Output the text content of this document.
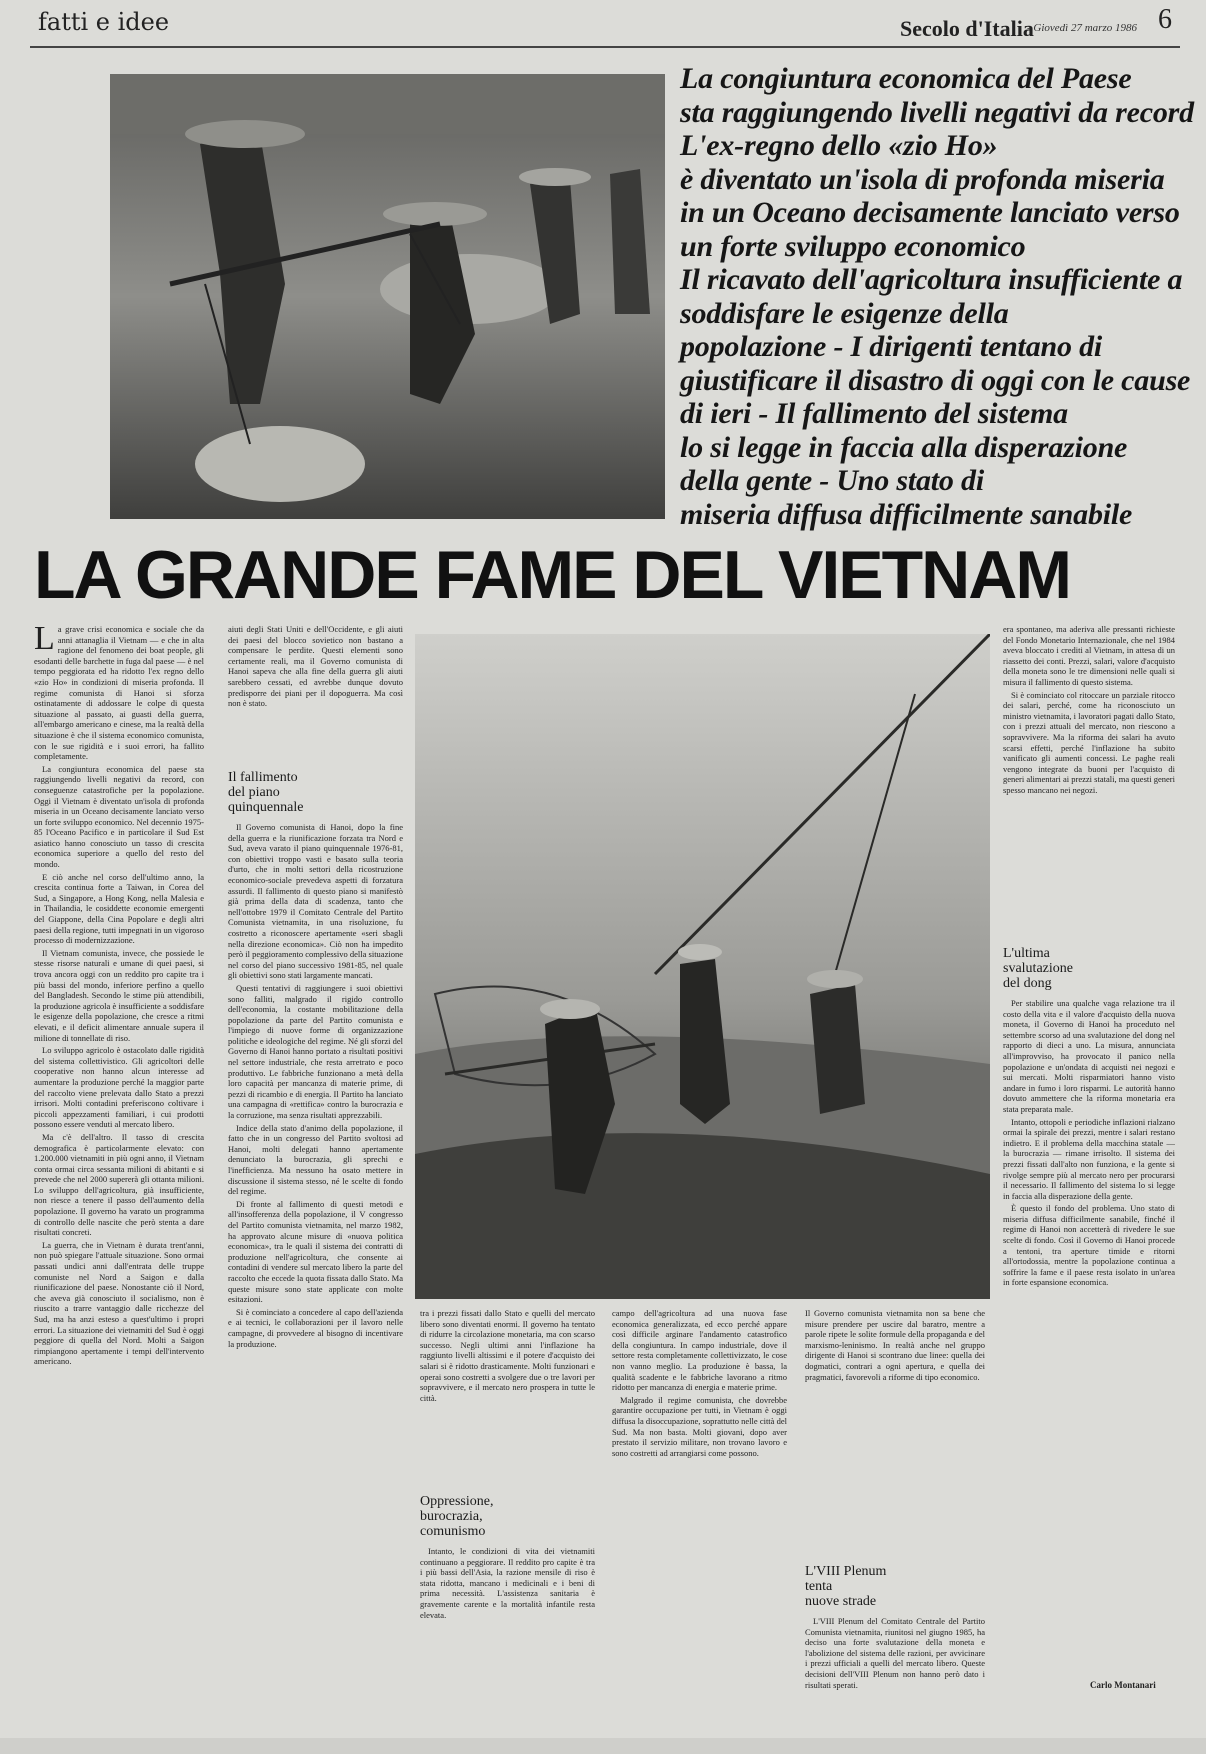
fatti e idee	Secolo d'Italia
- Giovedì 27 marzo 1986 6

La congiuntura economica del Paese

sta raggiungendo livelli negativi da record

L'ex-regno dello «zio Ho»

è diventato un'isola di profonda miseria

in un Oceano decisamente lanciato verso

un forte sviluppo economico

Il ricavato dell'agricoltura insufficiente a

soddisfare le esigenze della

popolazione - I dirigenti tentano di

giustificare il disastro di oggi con le cause

di ieri - Il fallimento del sistema

lo si legge in faccia alla disperazione

della gente - Uno stato di

miseria diffusa difficilmente sanabile

LA GRANDE FAME DEL VIETNAM

La grave crisi economica e sociale che da anni attanaglia il Vietnam — e che in alta ragione del fenomeno dei boat people, gli esodanti delle barchette in fuga dal paese — è nel tempo peggiorata ed ha ridotto l'ex regno dello «zio Ho» in condizioni di miseria profonda. Il regime comunista di Hanoi si sforza ostinatamente di addossare le colpe di questa situazione al passato, ai guasti della guerra, all'embargo americano e cinese, ma la realtà della situazione è che il sistema economico comunista, con le sue rigidità e i suoi errori, ha fallito completamente.

La congiuntura economica del paese sta raggiungendo livelli negativi da record, con conseguenze catastrofiche per la popolazione. Oggi il Vietnam è diventato un'isola di profonda miseria in un Oceano decisamente lanciato verso un forte sviluppo economico. Nel decennio 1975-85 l'Oceano Pacifico e in particolare il Sud Est asiatico hanno conosciuto un tasso di crescita economica superiore a quello del resto del mondo.

E ciò anche nel corso dell'ultimo anno, la crescita continua forte a Taiwan, in Corea del Sud, a Singapore, a Hong Kong, nella Malesia e in Thailandia, le cosiddette economie emergenti del Giappone, della Cina Popolare e degli altri paesi della regione, tutti impegnati in un vigoroso processo di modernizzazione.

Il Vietnam comunista, invece, che possiede le stesse risorse naturali e umane di quei paesi, si trova ancora oggi con un reddito pro capite tra i più bassi del mondo, inferiore perfino a quello del Bangladesh. Secondo le stime più attendibili, la produzione agricola è insufficiente a soddisfare le esigenze della popolazione, che cresce a ritmi elevati, e il deficit alimentare annuale supera il milione di tonnellate di riso.

Lo sviluppo agricolo è ostacolato dalle rigidità del sistema collettivistico. Gli agricoltori delle cooperative non hanno alcun interesse ad aumentare la produzione perché la maggior parte del raccolto viene prelevata dallo Stato a prezzi irrisori. Molti contadini preferiscono coltivare i piccoli appezzamenti familiari, i cui prodotti possono essere venduti al mercato libero.

Ma c'è dell'altro. Il tasso di crescita demografica è particolarmente elevato: con 1.200.000 vietnamiti in più ogni anno, il Vietnam conta ormai circa sessanta milioni di abitanti e si prevede che nel 2000 supererà gli ottanta milioni. Lo sviluppo dell'agricoltura, già insufficiente, non riesce a tenere il passo dell'aumento della popolazione. Il governo ha varato un programma di controllo delle nascite che però stenta a dare risultati concreti.

La guerra, che in Vietnam è durata trent'anni, non può spiegare l'attuale situazione. Sono ormai passati undici anni dall'entrata delle truppe comuniste nel Nord a Saigon e dalla riunificazione del paese. Nonostante ciò il Nord, che aveva già conosciuto il socialismo, non è riuscito a trarre vantaggio dalle ricchezze del Sud, ma ha anzi esteso a quest'ultimo i propri errori. La situazione dei vietnamiti del Sud è oggi peggiore di quella del Nord. Molti a Saigon rimpiangono apertamente i tempi dell'intervento americano.

aiuti degli Stati Uniti e dell'Occidente, e gli aiuti dei paesi del blocco sovietico non bastano a compensare le perdite. Questi elementi sono certamente reali, ma il Governo comunista di Hanoi sapeva che alla fine della guerra gli aiuti sarebbero cessati, ed avrebbe dunque dovuto predisporre dei piani per il dopoguerra. Ma così non è stato.

Il fallimento
del piano
quinquennale

Il Governo comunista di Hanoi, dopo la fine della guerra e la riunificazione forzata tra Nord e Sud, aveva varato il piano quinquennale 1976-81, con obiettivi troppo vasti e basato sulla teoria d'urto, che in molti settori della ricostruzione economico-sociale prevedeva aspetti di forzatura assurdi. Il fallimento di questo piano si manifestò già prima della data di scadenza, tanto che nell'ottobre 1979 il Comitato Centrale del Partito Comunista vietnamita, in una risoluzione, fu costretto a riconoscere apertamente «seri sbagli nella direzione economica». Ciò non ha impedito però il peggioramento complessivo della situazione nel corso del piano successivo 1981-85, nel quale gli obiettivi sono stati largamente mancati.

Questi tentativi di raggiungere i suoi obiettivi sono falliti, malgrado il rigido controllo dell'economia, la costante mobilitazione della popolazione da parte del Partito comunista e l'impiego di nuove forme di organizzazione politiche e ideologiche del regime. Né gli sforzi del Governo di Hanoi hanno portato a risultati positivi nel settore industriale, che resta arretrato e poco produttivo. Le fabbriche funzionano a metà della loro capacità per mancanza di materie prime, di pezzi di ricambio e di energia. Il Partito ha lanciato una campagna di «rettifica» contro la burocrazia e la corruzione, ma senza risultati apprezzabili.

Indice della stato d'animo della popolazione, il fatto che in un congresso del Partito svoltosi ad Hanoi, molti delegati hanno apertamente denunciato la burocrazia, gli sprechi e l'inefficienza. Ma nessuno ha osato mettere in discussione il sistema stesso, né le scelte di fondo del regime.

Di fronte al fallimento di questi metodi e all'insofferenza della popolazione, il V congresso del Partito comunista vietnamita, nel marzo 1982, ha approvato alcune misure di «nuova politica economica», tra le quali il sistema dei contratti di produzione nell'agricoltura, che consente ai contadini di vendere sul mercato libero la parte del raccolto che eccede la quota fissata dallo Stato. Ma queste misure sono state applicate con molte esitazioni.

Si è cominciato a concedere al capo dell'azienda e ai tecnici, le collaborazioni per il lavoro nelle campagne, di provvedere al bisogno di incentivare la produzione.

tra i prezzi fissati dallo Stato e quelli del mercato libero sono diventati enormi. Il governo ha tentato di ridurre la circolazione monetaria, ma con scarso successo. Negli ultimi anni l'inflazione ha raggiunto livelli altissimi e il potere d'acquisto dei salari si è ridotto drasticamente. Molti funzionari e operai sono costretti a svolgere due o tre lavori per sopravvivere, e il mercato nero prospera in tutte le città.

Oppressione,
burocrazia,
comunismo

Intanto, le condizioni di vita dei vietnamiti continuano a peggiorare. Il reddito pro capite è tra i più bassi dell'Asia, la razione mensile di riso è stata ridotta, mancano i medicinali e i beni di prima necessità. L'assistenza sanitaria è gravemente carente e la mortalità infantile resta elevata.

campo dell'agricoltura ad una nuova fase economica generalizzata, ed ecco perché appare così difficile arginare l'andamento catastrofico della congiuntura. In campo industriale, dove il settore resta completamente collettivizzato, le cose non vanno meglio. La produzione è bassa, la qualità scadente e le fabbriche lavorano a ritmo ridotto per mancanza di energia e materie prime.

Malgrado il regime comunista, che dovrebbe garantire occupazione per tutti, in Vietnam è oggi diffusa la disoccupazione, soprattutto nelle città del Sud. Ma non basta. Molti giovani, dopo aver prestato il servizio militare, non trovano lavoro e sono costretti ad arrangiarsi come possono.

Il Governo comunista vietnamita non sa bene che misure prendere per uscire dal baratro, mentre a parole ripete le solite formule della propaganda e del marxismo-leninismo. In realtà anche nel gruppo dirigente di Hanoi si scontrano due linee: quella dei dogmatici, contrari a ogni apertura, e quella dei pragmatici, favorevoli a riforme di tipo economico.

L'VIII Plenum
tenta
nuove strade

L'VIII Plenum del Comitato Centrale del Partito Comunista vietnamita, riunitosi nel giugno 1985, ha deciso una forte svalutazione della moneta e l'abolizione del sistema delle razioni, per avvicinare i prezzi ufficiali a quelli del mercato libero. Queste decisioni dell'VIII Plenum non hanno però dato i risultati sperati.

era spontaneo, ma aderiva alle pressanti richieste del Fondo Monetario Internazionale, che nel 1984 aveva bloccato i crediti al Vietnam, in attesa di un riassetto dei conti. Prezzi, salari, valore d'acquisto della moneta sono le tre dimensioni nelle quali si misura il fallimento di questo sistema.

Si è cominciato col ritoccare un parziale ritocco dei salari, perché, come ha riconosciuto un ministro vietnamita, i lavoratori pagati dallo Stato, con i prezzi attuali del mercato, non riescono a sopravvivere. Ma la riforma dei salari ha avuto scarsi effetti, perché l'inflazione ha subito vanificato gli aumenti concessi. Le paghe reali vengono integrate da buoni per l'acquisto di generi alimentari ai prezzi statali, ma questi generi spesso mancano nei negozi.

L'ultima
svalutazione
del dong

Per stabilire una qualche vaga relazione tra il costo della vita e il valore d'acquisto della nuova moneta, il Governo di Hanoi ha proceduto nel settembre scorso ad una svalutazione del dong nel rapporto di dieci a uno. La misura, annunciata all'improvviso, ha provocato il panico nella popolazione e un'ondata di acquisti nei negozi e sui mercati. Molti risparmiatori hanno visto andare in fumo i loro risparmi. Le autorità hanno dovuto ammettere che la riforma monetaria era stata preparata male.

Intanto, ottopoli e periodiche inflazioni rialzano ormai la spirale dei prezzi, mentre i salari restano indietro. E il problema della macchina statale — la burocrazia — rimane irrisolto. Il sistema dei prezzi fissati dall'alto non funziona, e la gente si rivolge sempre più al mercato nero per procurarsi il necessario. Il fallimento del sistema lo si legge in faccia alla disperazione della gente.

È questo il fondo del problema. Uno stato di miseria diffusa difficilmente sanabile, finché il regime di Hanoi non accetterà di rivedere le sue scelte di fondo. Così il Governo di Hanoi procede a tentoni, tra aperture timide e ritorni all'ortodossia, mentre la popolazione continua a soffrire la fame e il paese resta isolato in un'area in forte espansione economica.

Carlo Montanari
